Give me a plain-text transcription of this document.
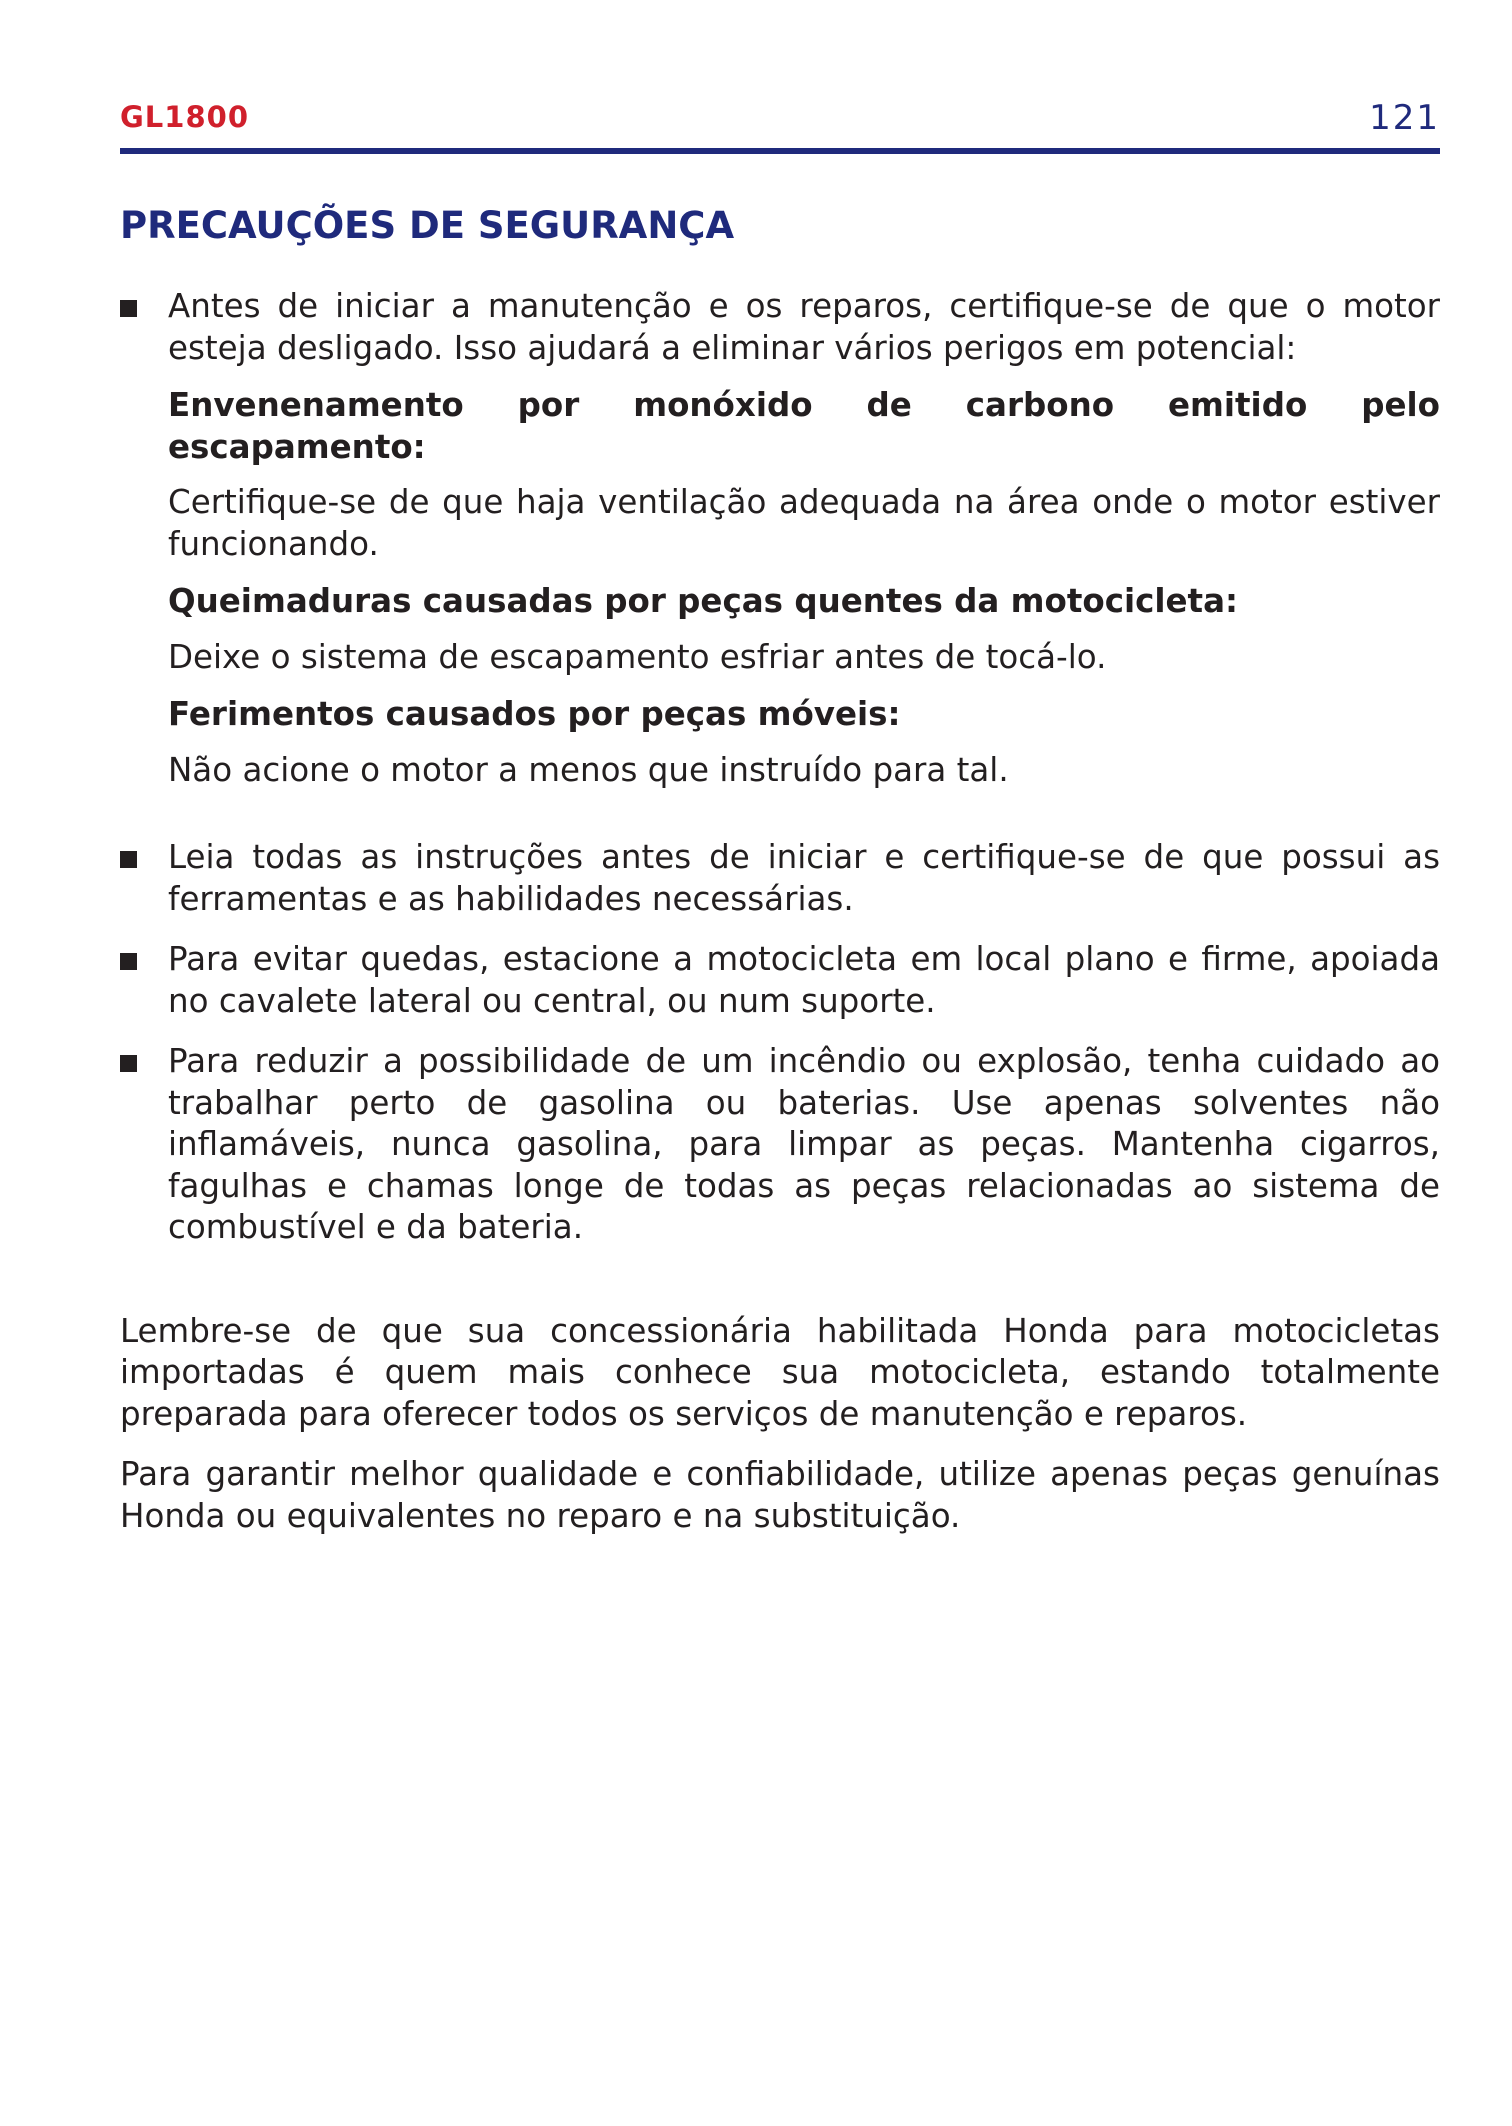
GL1800	121
PRECAUÇÕES DE SEGURANÇA

Antes de iniciar a manutenção e os reparos, certifique-se de que o motor esteja desligado. Isso ajudará a eliminar vários perigos em potencial:

Envenenamento por monóxido de carbono emitido pelo escapamento:

Certifique-se de que haja ventilação adequada na área onde o motor estiver funcionando.

Queimaduras causadas por peças quentes da motocicleta:

Deixe o sistema de escapamento esfriar antes de tocá-lo.

Ferimentos causados por peças móveis:

Não acione o motor a menos que instruído para tal.

Leia todas as instruções antes de iniciar e certifique-se de que possui as ferramentas e as habilidades necessárias.

Para evitar quedas, estacione a motocicleta em local plano e firme, apoiada no cavalete lateral ou central, ou num suporte.

Para reduzir a possibilidade de um incêndio ou explosão, tenha cuidado ao trabalhar perto de gasolina ou baterias. Use apenas solventes não inflamáveis, nunca gasolina, para limpar as peças. Mantenha cigarros, fagulhas e chamas longe de todas as peças relacionadas ao sistema de combustível e da bateria.

Lembre-se de que sua concessionária habilitada Honda para motocicletas importadas é quem mais conhece sua motocicleta, estando totalmente preparada para oferecer todos os serviços de manutenção e reparos.

Para garantir melhor qualidade e confiabilidade, utilize apenas peças genuínas Honda ou equivalentes no reparo e na substituição.
